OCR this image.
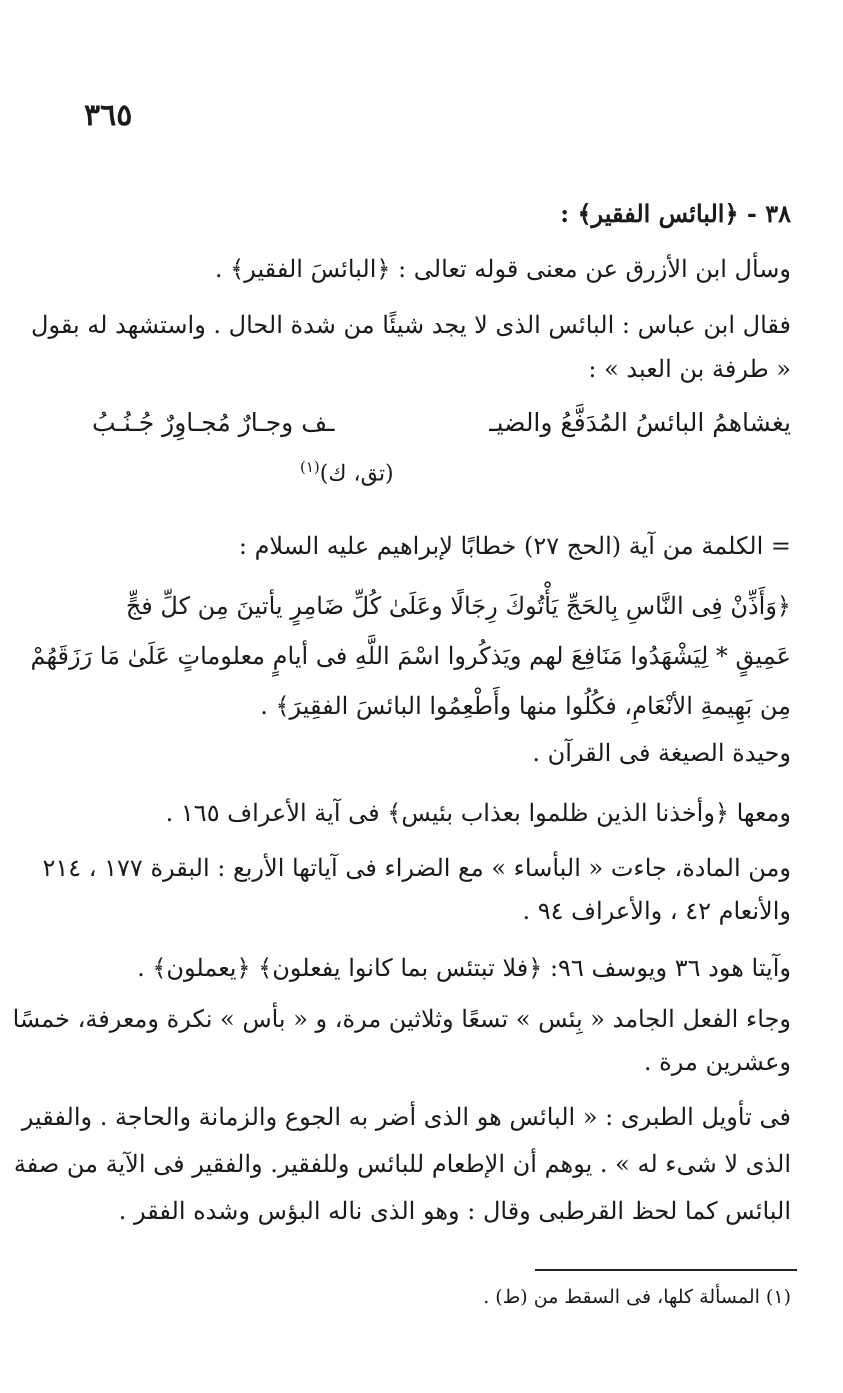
٣٦٥
٣٨ - ﴿البائس الفقير﴾ :
وسأل ابن الأزرق عن معنى قوله تعالى : ﴿البائسَ الفقير﴾ .
فقال ابن عباس : البائس الذى لا يجد شيئًا من شدة الحال . واستشهد له بقول
« طرفة بن العبد » :
يغشاهمُ البائسُ المُدَفَّعُ والضيـ
ـف وجـارٌ مُجـاوِرٌ جُـنُـبُ
(تق، ك)$^{(١)}$
= الكلمة من آية (الحج ٢٧) خطابًا لإبراهيم عليه السلام :
﴿وَأَذِّنْ فِى النَّاسِ بِالحَجِّ يَأْتُوكَ رِجَالًا وعَلَىٰ كُلِّ ضَامِرٍ يأتينَ مِن كلِّ فجٍّ
عَمِيقٍ * لِيَشْهَدُوا مَنَافِعَ لهم ويَذكُروا اسْمَ اللَّهِ فى أيامٍ معلوماتٍ عَلَىٰ مَا رَزَقَهُمْ
مِن بَهِيمةِ الأنْعَامِ، فكُلُوا منها وأَطْعِمُوا البائسَ الفقِيرَ﴾ .
وحيدة الصيغة فى القرآن .
ومعها ﴿وأخذنا الذين ظلموا بعذاب بئيس﴾ فى آية الأعراف ١٦٥ .
ومن المادة، جاءت « البأساء » مع الضراء فى آياتها الأربع : البقرة ١٧٧ ، ٢١٤
والأنعام ٤٢ ، والأعراف ٩٤ .
وآيتا هود ٣٦ ويوسف ٩٦: ﴿فلا تبتئس بما كانوا يفعلون﴾ ﴿يعملون﴾ .
وجاء الفعل الجامد « بِئس » تسعًا وثلاثين مرة، و « بأس » نكرة ومعرفة، خمسًا
وعشرين مرة .
فى تأويل الطبرى : « البائس هو الذى أضر به الجوع والزمانة والحاجة . والفقير
الذى لا شىء له » . يوهم أن الإطعام للبائس وللفقير. والفقير فى الآية من صفة
البائس كما لحظ القرطبى وقال : وهو الذى ناله البؤس وشده الفقر .
(١) المسألة كلها، فى السقط من (ط) .
